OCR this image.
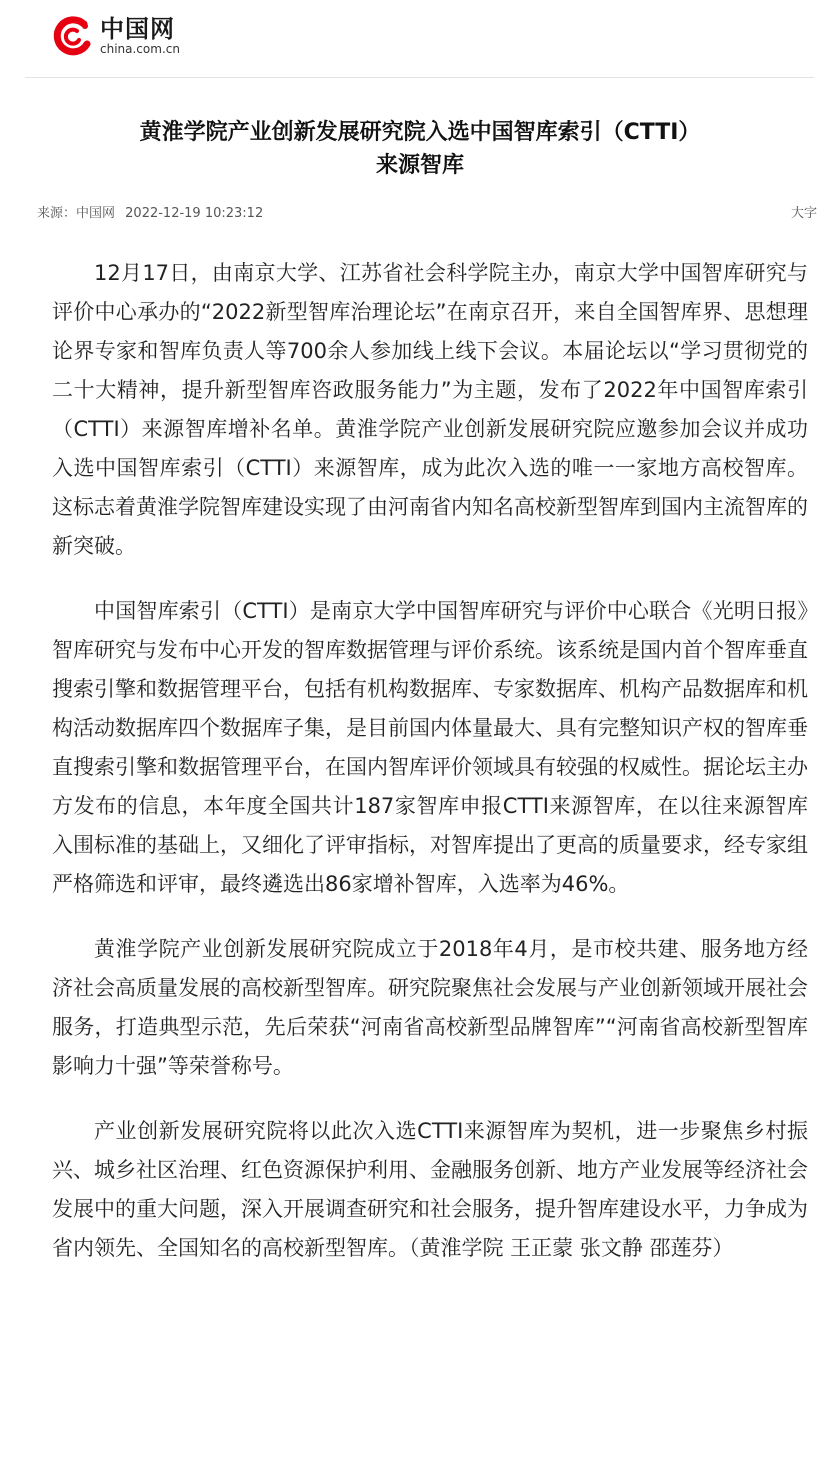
中国网
china.com.cn
黄淮学院产业创新发展研究院入选中国智库索引（CTTI）
来源智库
来源：中国网 2022-12-19 10:23:12	大字

12月17日，由南京大学、江苏省社会科学院主办，南京大学中国智库研究与评价中心承办的“2022新型智库治理论坛”在南京召开，来自全国智库界、思想理论界专家和智库负责人等700余人参加线上线下会议。本届论坛以“学习贯彻党的二十大精神，提升新型智库咨政服务能力”为主题，发布了2022年中国智库索引（CTTI）来源智库增补名单。黄淮学院产业创新发展研究院应邀参加会议并成功入选中国智库索引（CTTI）来源智库，成为此次入选的唯一一家地方高校智库。这标志着黄淮学院智库建设实现了由河南省内知名高校新型智库到国内主流智库的新突破。

中国智库索引（CTTI）是南京大学中国智库研究与评价中心联合《光明日报》智库研究与发布中心开发的智库数据管理与评价系统。该系统是国内首个智库垂直搜索引擎和数据管理平台，包括有机构数据库、专家数据库、机构产品数据库和机构活动数据库四个数据库子集，是目前国内体量最大、具有完整知识产权的智库垂直搜索引擎和数据管理平台，在国内智库评价领域具有较强的权威性。据论坛主办方发布的信息，本年度全国共计187家智库申报CTTI来源智库，在以往来源智库入围标准的基础上，又细化了评审指标，对智库提出了更高的质量要求，经专家组严格筛选和评审，最终遴选出86家增补智库，入选率为46%。

黄淮学院产业创新发展研究院成立于2018年4月，是市校共建、服务地方经济社会高质量发展的高校新型智库。研究院聚焦社会发展与产业创新领域开展社会服务，打造典型示范，先后荣获“河南省高校新型品牌智库”“河南省高校新型智库影响力十强”等荣誉称号。

产业创新发展研究院将以此次入选CTTI来源智库为契机，进一步聚焦乡村振兴、城乡社区治理、红色资源保护利用、金融服务创新、地方产业发展等经济社会发展中的重大问题，深入开展调查研究和社会服务，提升智库建设水平，力争成为省内领先、全国知名的高校新型智库。（黄淮学院 王正蒙 张文静 邵莲芬）
